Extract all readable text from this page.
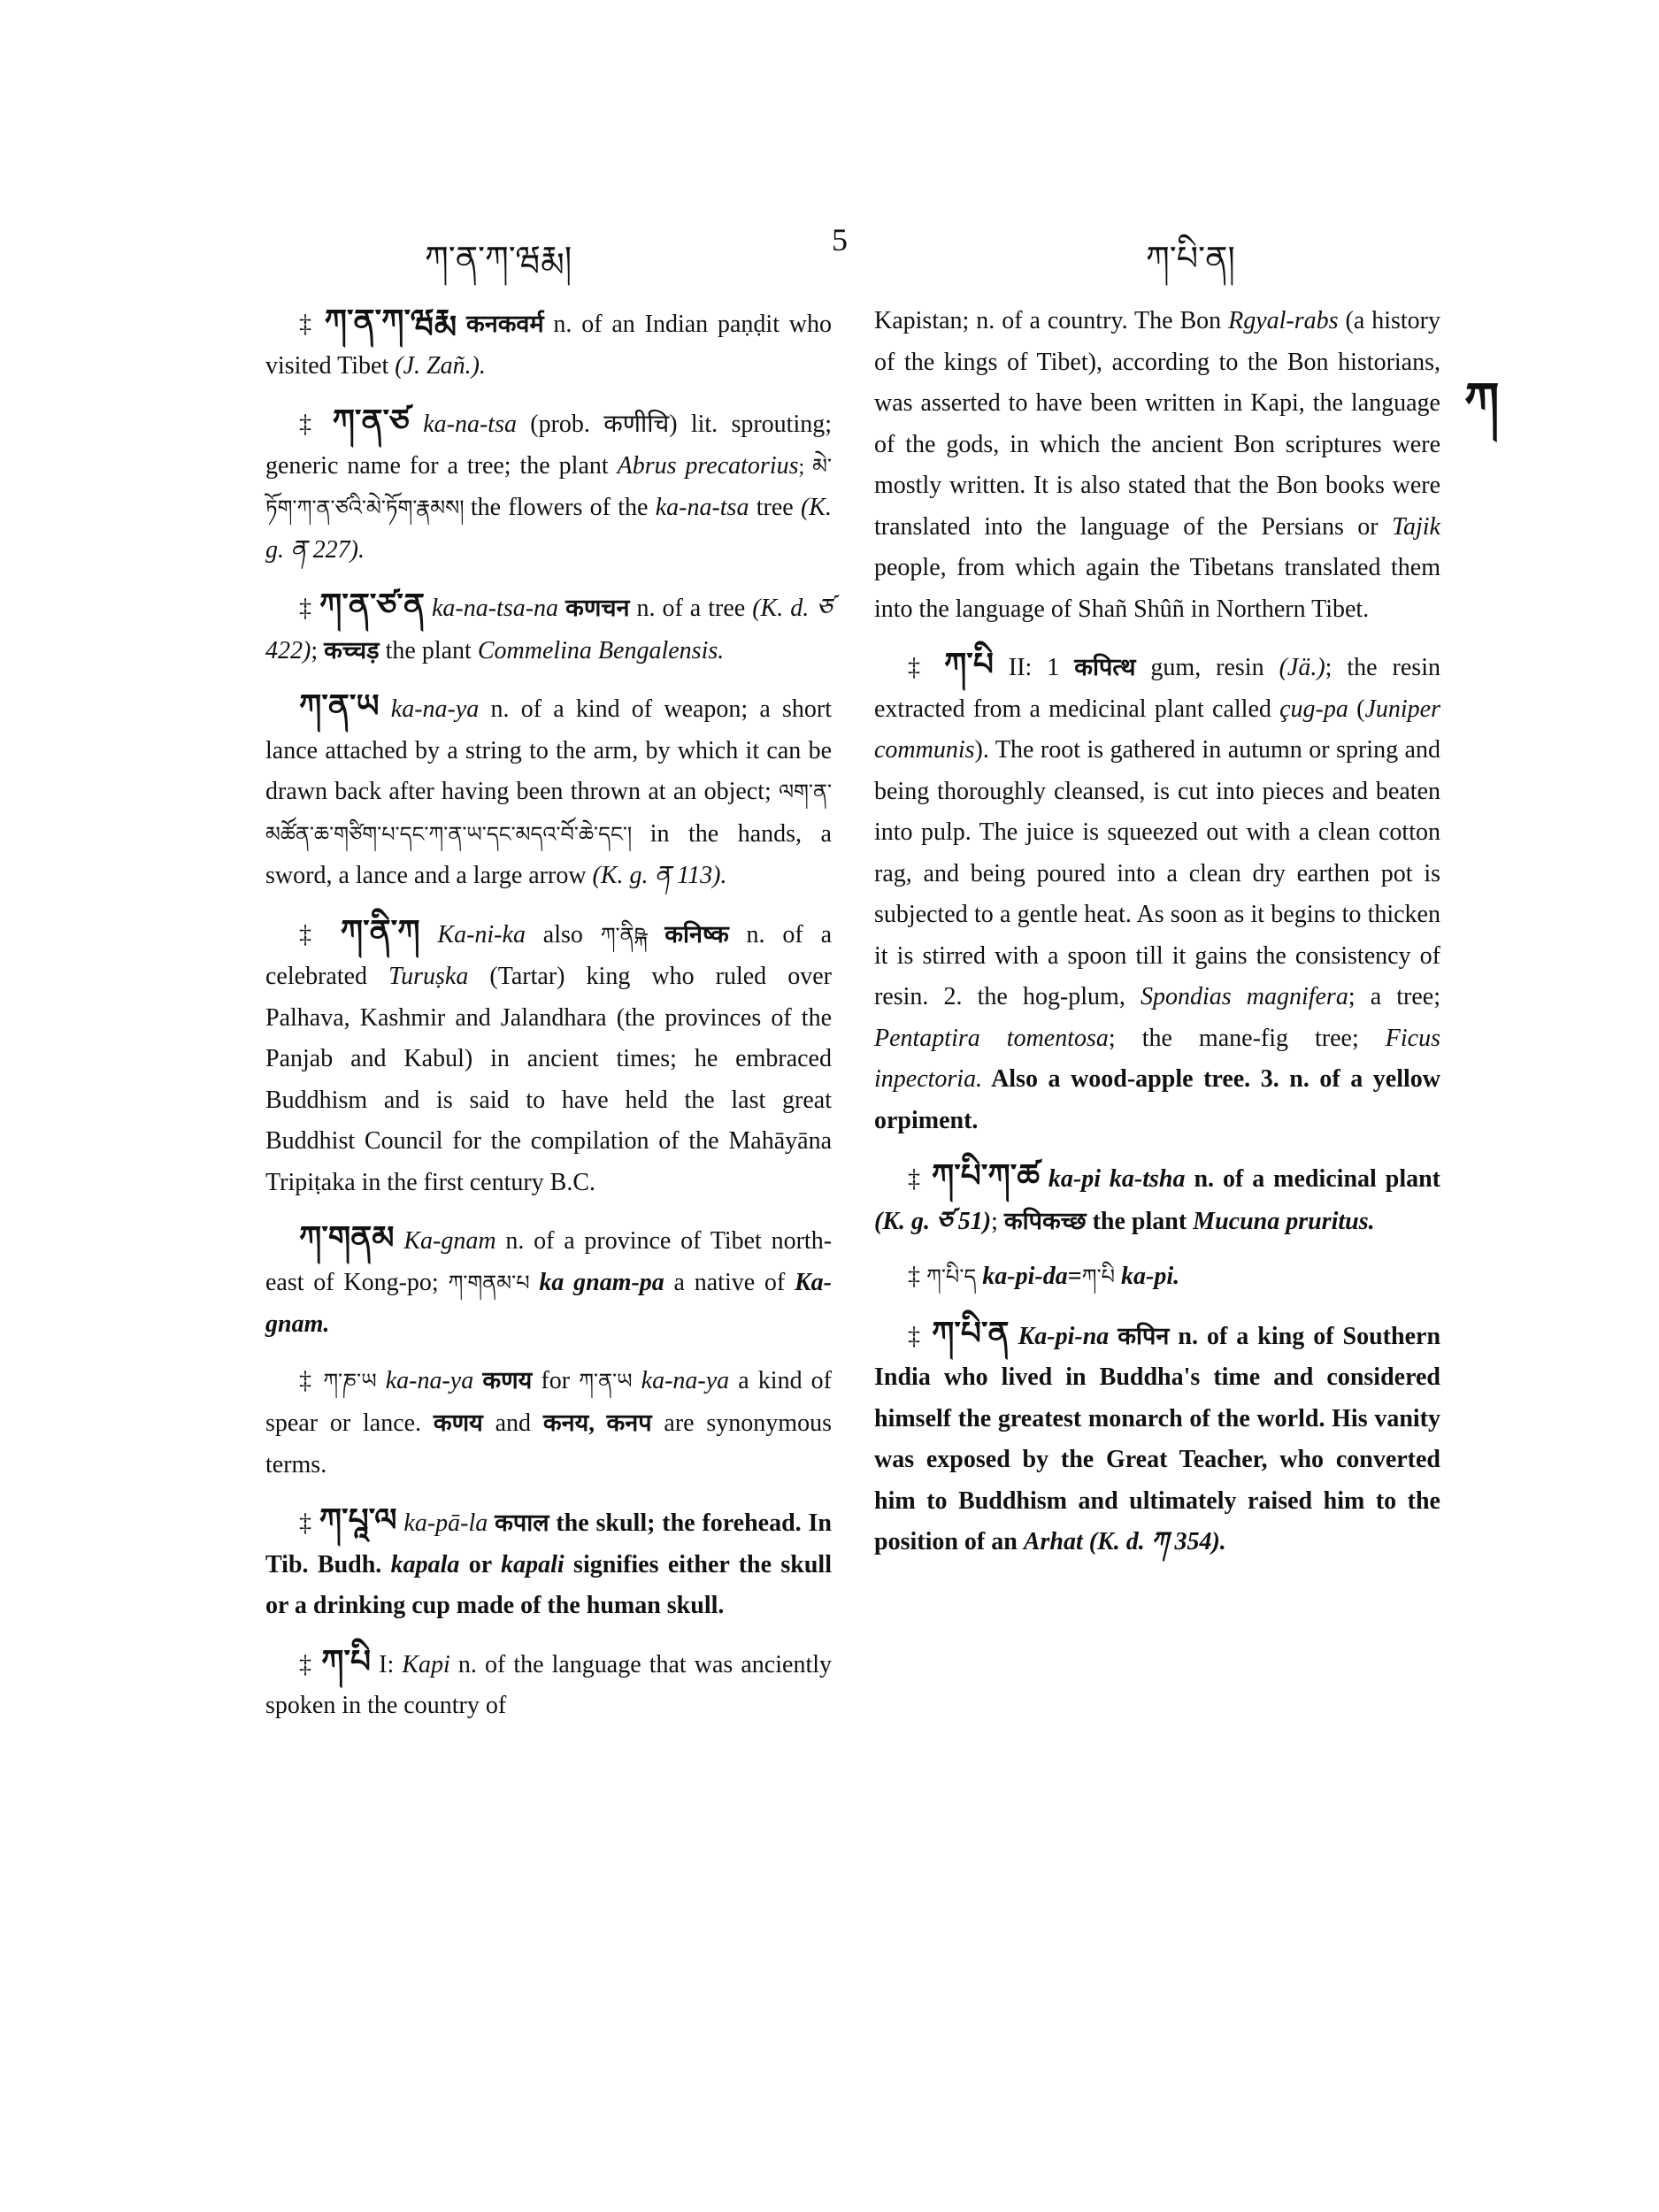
ཀ་ན་ཀ་ཝརྨ།	5	ཀ་པི་ན།
ཀ

‡ ཀ་ན་ཀ་ཝརྨ कनकवर्म n. of an Indian paṇḍit who visited Tibet (J. Zañ.).

‡ ཀ་ན་ཙ ka-na-tsa (prob. कणीचि) lit. sprouting; generic name for a tree; the plant Abrus precatorius; མེ་ཏོག་ཀ་ན་ཙའི་མེ་ཏོག་རྣམས། the flowers of the ka-na-tsa tree (K. g. ན 227).

‡ ཀ་ན་ཙ་ན ka-na-tsa-na कणचन n. of a tree (K. d. ཙ 422); कच्चड़ the plant Commelina Bengalensis.

ཀ་ན་ཡ ka-na-ya n. of a kind of weapon; a short lance attached by a string to the arm, by which it can be drawn back after having been thrown at an object; ལག་ན་མཚོན་ཆ་གཙིག་པ་དང་ཀ་ན་ཡ་དང་མདའ་བོ་ཆེ་དང་། in the hands, a sword, a lance and a large arrow (K. g. ན 113).

‡ ཀ་ནི་ཀ Ka-ni-ka also ཀ་ནིཥྐ कनिष्क n. of a celebrated Turuṣka (Tartar) king who ruled over Palhava, Kashmir and Jalandhara (the provinces of the Panjab and Kabul) in ancient times; he embraced Buddhism and is said to have held the last great Buddhist Council for the compilation of the Mahāyāna Tripiṭaka in the first century B.C.

ཀ་གནམ Ka-gnam n. of a province of Tibet north-east of Kong-po; ཀ་གནམ་པ ka gnam-pa a native of Ka-gnam.

‡ ཀ་ཎ་ཡ ka-na-ya कणय for ཀ་ན་ཡ ka-na-ya a kind of spear or lance. कणय and कनय, कनप are synonymous terms.

‡ ཀ་པཱ་ལ ka-pā-la कपाल the skull; the forehead. In Tib. Budh. kapala or kapali signifies either the skull or a drinking cup made of the human skull.

‡ ཀ་པི I: Kapi n. of the language that was anciently spoken in the country of

Kapistan; n. of a country. The Bon Rgyal-rabs (a history of the kings of Tibet), according to the Bon historians, was asserted to have been written in Kapi, the language of the gods, in which the ancient Bon scriptures were mostly written. It is also stated that the Bon books were translated into the language of the Persians or Tajik people, from which again the Tibetans translated them into the language of Shañ Shûñ in Northern Tibet.

‡ ཀ་པི II: 1 कपित्थ gum, resin (Jä.); the resin extracted from a medicinal plant called çug-pa (Juniper communis). The root is gathered in autumn or spring and being thoroughly cleansed, is cut into pieces and beaten into pulp. The juice is squeezed out with a clean cotton rag, and being poured into a clean dry earthen pot is subjected to a gentle heat. As soon as it begins to thicken it is stirred with a spoon till it gains the consistency of resin. 2. the hog-plum, Spondias magnifera; a tree; Pentaptira tomentosa; the mane-fig tree; Ficus inpectoria. Also a wood-apple tree. 3. n. of a yellow orpiment.

‡ ཀ་པི་ཀ་ཚ ka-pi ka-tsha n. of a medicinal plant (K. g. ཙ 51); कपिकच्छ the plant Mucuna pruritus.

‡ ཀ་པི་ད ka-pi-da=ཀ་པི ka-pi.

‡ ཀ་པི་ན Ka-pi-na कपिन n. of a king of Southern India who lived in Buddha's time and considered himself the greatest monarch of the world. His vanity was exposed by the Great Teacher, who converted him to Buddhism and ultimately raised him to the position of an Arhat (K. d. ཀ 354).
